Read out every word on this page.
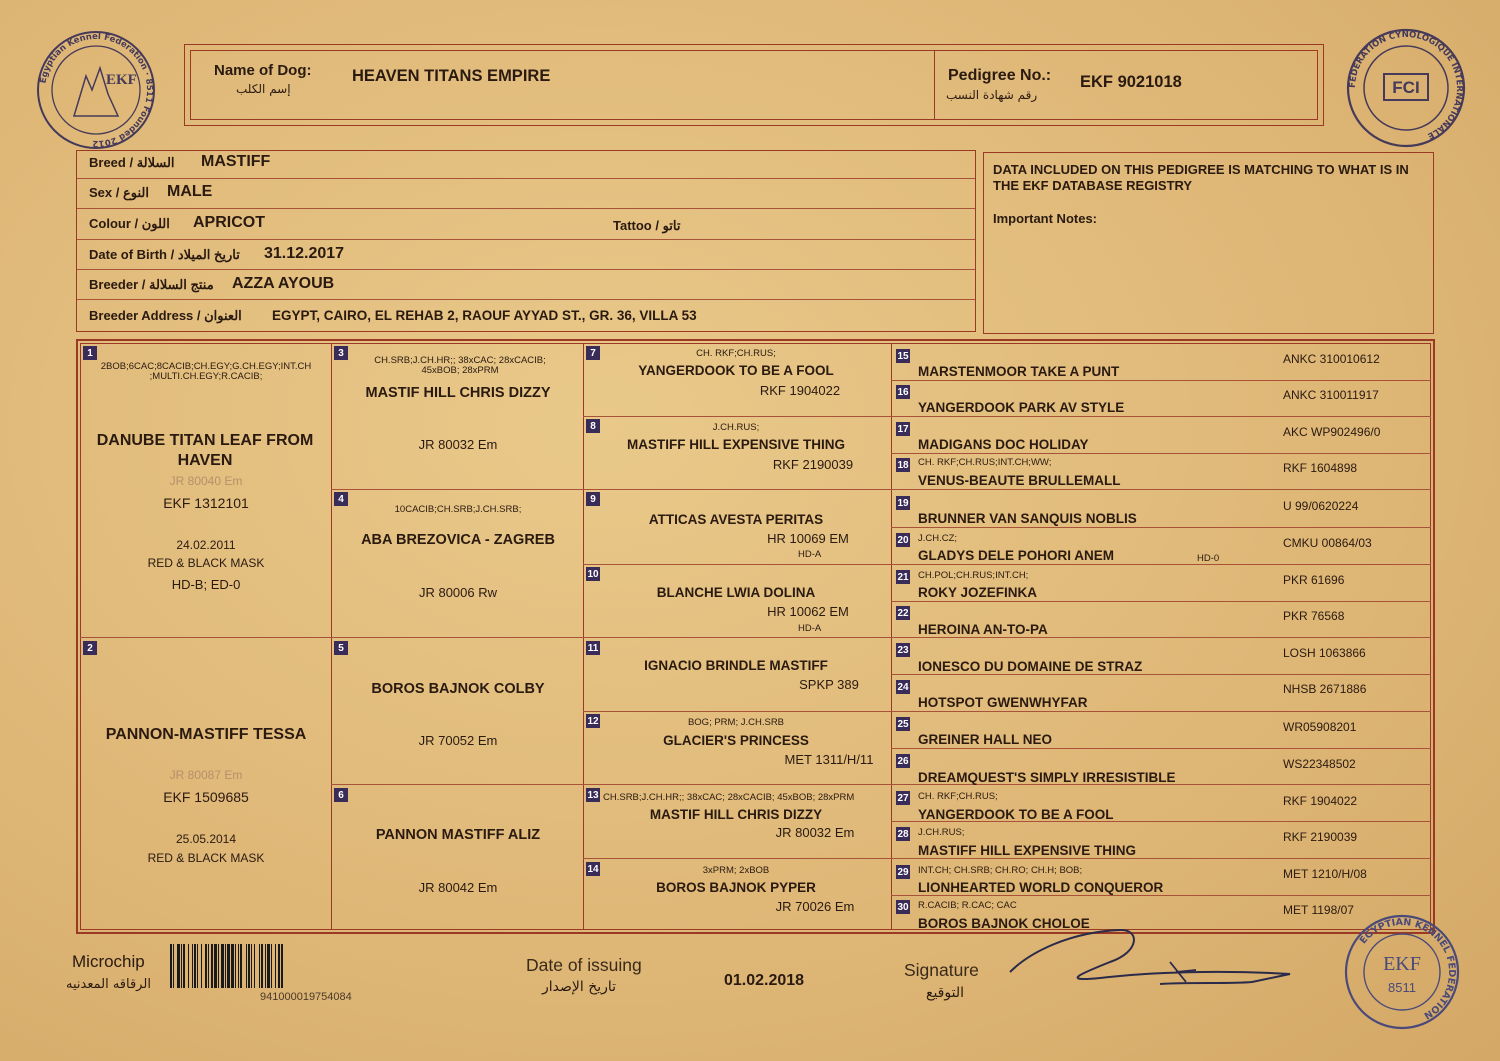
Egyptian Kennel Federation · 8511 Founded 2012
EKF	FEDERATION CYNOLOGIQUE INTERNATIONALE
FCI
Name of Dog:
إسم الكلب
HEAVEN TITANS EMPIRE	Pedigree No.:
رقم شهادة النسب
EKF 9021018
Breed / السلالة MASTIFF
Sex / النوع MALE
Colour / اللون APRICOT	Tattoo / تاتو
Date of Birth / تاريخ الميلاد 31.12.2017
Breeder / منتج السلالة AZZA AYOUB
Breeder Address / العنوان EGYPT, CAIRO, EL REHAB 2, RAOUF AYYAD ST., GR. 36, VILLA 53
DATA INCLUDED ON THIS PEDIGREE IS MATCHING TO WHAT IS IN THE EKF DATABASE REGISTRY
Important Notes:
1
2BOB;6CAC;8CACIB;CH.EGY;G.CH.EGY;INT.CH ;MULTI.CH.EGY;R.CACIB;
DANUBE TITAN LEAF FROM HAVEN
JR 80040 Em
EKF 1312101
24.02.2011
RED & BLACK MASK
HD-B; ED-0
2
PANNON-MASTIFF TESSA
JR 80087 Em
EKF 1509685
25.05.2014
RED & BLACK MASK
3
CH.SRB;J.CH.HR;; 38xCAC; 28xCACIB; 45xBOB; 28xPRM
MASTIF HILL CHRIS DIZZY
JR 80032 Em
4
10CACIB;CH.SRB;J.CH.SRB;
ABA BREZOVICA - ZAGREB
JR 80006 Rw
5
BOROS BAJNOK COLBY
JR 70052 Em
6
PANNON MASTIFF ALIZ
JR 80042 Em
7	CH. RKF;CH.RUS;
YANGERDOOK TO BE A FOOL
RKF 1904022
8	J.CH.RUS;
MASTIFF HILL EXPENSIVE THING
RKF 2190039
9
ATTICAS AVESTA PERITAS
HR 10069 EM
HD-A
10
BLANCHE LWIA DOLINA
HR 10062 EM
HD-A
11
IGNACIO BRINDLE MASTIFF
SPKP 389
12	BOG; PRM; J.CH.SRB
GLACIER'S PRINCESS
MET 1311/H/11
13 CH.SRB;J.CH.HR;; 38xCAC; 28xCACIB; 45xBOB; 28xPRM
MASTIF HILL CHRIS DIZZY
JR 80032 Em
14	3xPRM; 2xBOB
BOROS BAJNOK PYPER
JR 70026 Em
15
MARSTENMOOR TAKE A PUNT
ANKC 310010612
16
YANGERDOOK PARK AV STYLE
ANKC 310011917
17
MADIGANS DOC HOLIDAY
AKC WP902496/0
18 CH. RKF;CH.RUS;INT.CH;WW;
VENUS-BEAUTE BRULLEMALL
RKF 1604898
19
BRUNNER VAN SANQUIS NOBLIS
U 99/0620224
20 J.CH.CZ;
GLADYS DELE POHORI ANEM
CMKU 00864/03
HD-0
21 CH.POL;CH.RUS;INT.CH;
ROKY JOZEFINKA
PKR 61696
22
HEROINA AN-TO-PA
PKR 76568
23
IONESCO DU DOMAINE DE STRAZ
LOSH 1063866
24
HOTSPOT GWENWHYFAR
NHSB 2671886
25
GREINER HALL NEO
WR05908201
26
DREAMQUEST'S SIMPLY IRRESISTIBLE
WS22348502
27 CH. RKF;CH.RUS;
YANGERDOOK TO BE A FOOL
RKF 1904022
28 J.CH.RUS;
MASTIFF HILL EXPENSIVE THING
RKF 2190039
29 INT.CH; CH.SRB; CH.RO; CH.H; BOB;
LIONHEARTED WORLD CONQUEROR
MET 1210/H/08
30 R.CACIB; R.CAC; CAC
BOROS BAJNOK CHOLOE
MET 1198/07
Microchip
الرقاقه المعدنيه
941000019754084
Date of issuing
تاريخ الإصدار	01.02.2018
Signature
التوقيع
EGYPTIAN KENNEL FEDERATION
EKF
8511
